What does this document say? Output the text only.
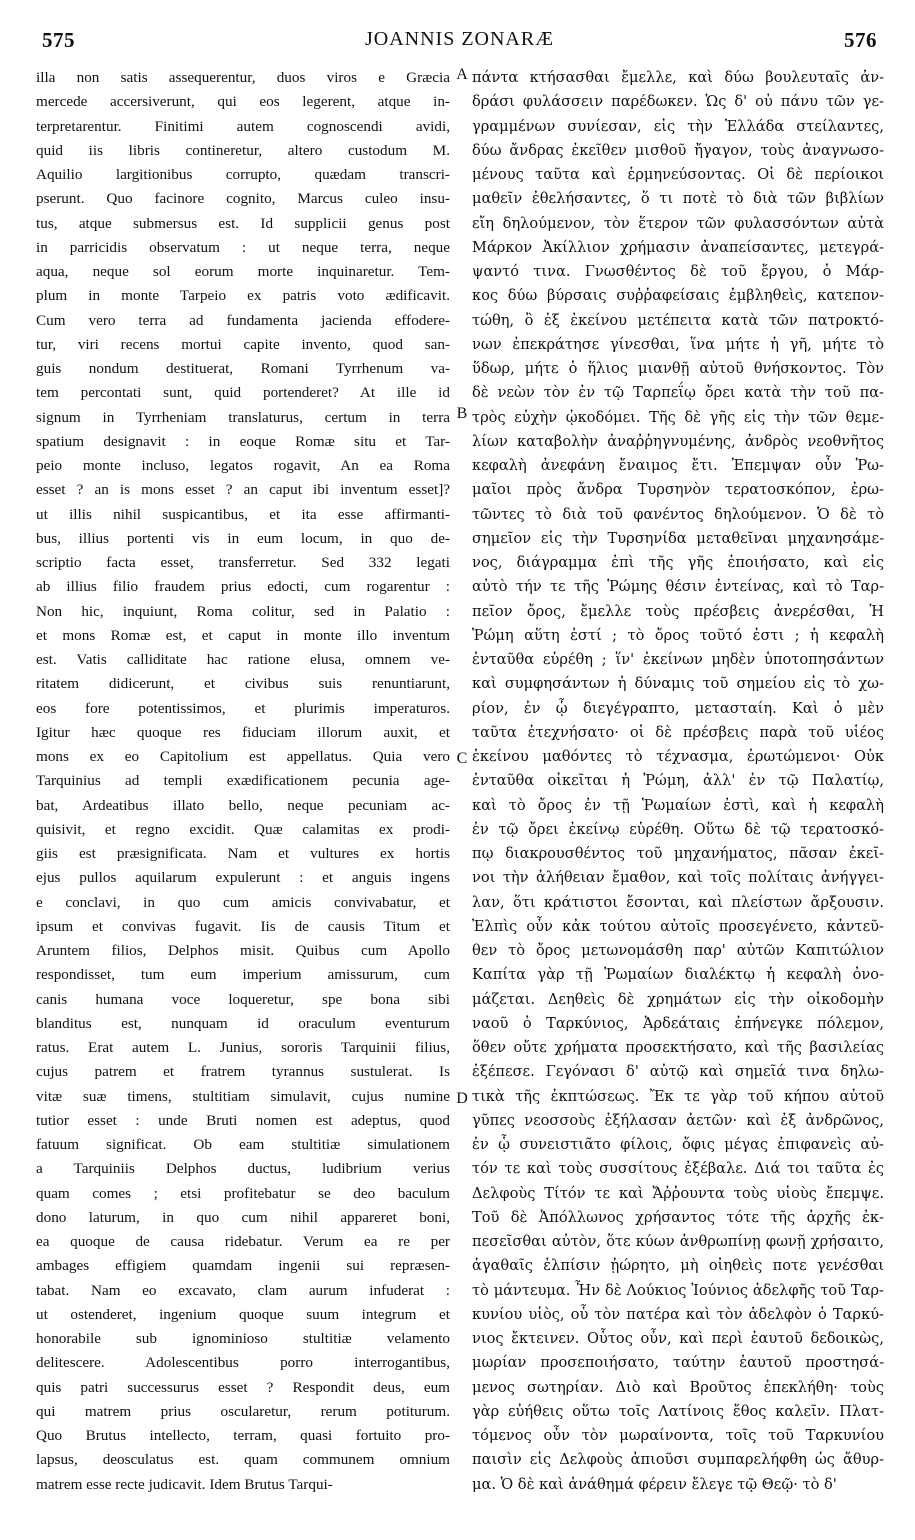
575	JOANNIS ZONARÆ	576
illa non satis assequerentur, duos viros e Græcia
mercede accersiverunt, qui eos legerent, atque in-
terpretarentur. Finitimi autem cognoscendi avidi,
quid iis libris contineretur, altero custodum M.
Aquilio largitionibus corrupto, quædam transcri-
pserunt. Quo facinore cognito, Marcus culeo insu-
tus, atque submersus est. Id supplicii genus post
in parricidis observatum : ut neque terra, neque
aqua, neque sol eorum morte inquinaretur. Tem-
plum in monte Tarpeio ex patris voto ædificavit.
Cum vero terra ad fundamenta jacienda effodere-
tur, viri recens mortui capite invento, quod san-
guis nondum destituerat, Romani Tyrrhenum va-
tem percontati sunt, quid portenderet? At ille id
signum in Tyrrheniam translaturus, certum in terra
spatium designavit : in eoque Romæ situ et Tar-
peio monte incluso, legatos rogavit, An ea Roma
esset ? an is mons esset ? an caput ibi inventum esset]?
ut illis nihil suspicantibus, et ita esse affirmanti-
bus, illius portenti vis in eum locum, in quo de-
scriptio facta esset, transferretur. Sed 332 legati
ab illius filio fraudem prius edocti, cum rogarentur :
Non hic, inquiunt, Roma colitur, sed in Palatio :
et mons Romæ est, et caput in monte illo inventum
est. Vatis calliditate hac ratione elusa, omnem ve-
ritatem didicerunt, et civibus suis renuntiarunt,
eos fore potentissimos, et plurimis imperaturos.
Igitur hæc quoque res fiduciam illorum auxit, et
mons ex eo Capitolium est appellatus. Quia vero
Tarquinius ad templi exædificationem pecunia age-
bat, Ardeatibus illato bello, neque pecuniam ac-
quisivit, et regno excidit. Quæ calamitas ex prodi-
giis est præsignificata. Nam et vultures ex hortis
ejus pullos aquilarum expulerunt : et anguis ingens
e conclavi, in quo cum amicis convivabatur, et
ipsum et convivas fugavit. Iis de causis Titum et
Aruntem filios, Delphos misit. Quibus cum Apollo
respondisset, tum eum imperium amissurum, cum
canis humana voce loqueretur, spe bona sibi
blanditus est, nunquam id oraculum eventurum
ratus. Erat autem L. Junius, sororis Tarquinii filius,
cujus patrem et fratrem tyrannus sustulerat. Is
vitæ suæ timens, stultitiam simulavit, cujus numine
tutior esset : unde Bruti nomen est adeptus, quod
fatuum significat. Ob eam stultitiæ simulationem
a Tarquiniis Delphos ductus, ludibrium verius
quam comes ; etsi profitebatur se deo baculum
dono laturum, in quo cum nihil appareret boni,
ea quoque de causa ridebatur. Verum ea re per
ambages effigiem quamdam ingenii sui repræsen-
tabat. Nam eo excavato, clam aurum infuderat :
ut ostenderet, ingenium quoque suum integrum et
honorabile sub ignominioso stultitiæ velamento
delitescere. Adolescentibus porro interrogantibus,
quis patri successurus esset ? Respondit deus, eum
qui matrem prius oscularetur, rerum potiturum.
Quo Brutus intellecto, terram, quasi fortuito pro-
lapsus, deosculatus est. quam communem omnium
matrem esse recte judicavit. Idem Brutus Tarqui-
πάντα κτήσασθαι ἔμελλε, καὶ δύω βουλευταῖς ἀν-
δράσι φυλάσσειν παρέδωκεν. Ὡς δ' οὐ πάνυ τῶν γε-
γραμμένων συνίεσαν, εἰς τὴν Ἑλλάδα στείλαντες,
δύω ἄνδρας ἐκεῖθεν μισθοῦ ἤγαγον, τοὺς ἀναγνωσο-
μένους ταῦτα καὶ ἑρμηνεύσοντας. Οἱ δὲ περίοικοι
μαθεῖν ἐθελήσαντες, ὅ τι ποτὲ τὸ διὰ τῶν βιβλίων
εἴη δηλούμενον, τὸν ἕτερον τῶν φυλασσόντων αὐτὰ
Μάρκον Ἀκίλλιον χρήμασιν ἀναπείσαντες, μετεγρά-
ψαντό τινα. Γνωσθέντος δὲ τοῦ ἔργου, ὁ Μάρ-
κος δύω βύρσαις συῤῥαφείσαις ἐμβληθεὶς, κατεπον-
τώθη, ὃ ἐξ ἐκείνου μετέπειτα κατὰ τῶν πατροκτό-
νων ἐπεκράτησε γίνεσθαι, ἵνα μήτε ἡ γῆ, μήτε τὸ
ὕδωρ, μήτε ὁ ἥλιος μιανθῇ αὐτοῦ θνήσκοντος. Τὸν
δὲ νεὼν τὸν ἐν τῷ Ταρπεΐῳ ὄρει κατὰ τὴν τοῦ πα-
τρὸς εὐχὴν ᾠκοδόμει. Τῆς δὲ γῆς εἰς τὴν τῶν θεμε-
λίων καταβολὴν ἀναῤῥηγνυμένης, ἀνδρὸς νεοθνῆτος
κεφαλὴ ἀνεφάνη ἔναιμος ἔτι. Ἐπεμψαν οὖν Ῥω-
μαῖοι πρὸς ἄνδρα Τυρσηνὸν τερατοσκόπον, ἐρω-
τῶντες τὸ διὰ τοῦ φανέντος δηλούμενον. Ὁ δὲ τὸ
σημεῖον εἰς τὴν Τυρσηνίδα μεταθεῖναι μηχανησάμε-
νος, διάγραμμα ἐπὶ τῆς γῆς ἐποιήσατο, καὶ εἰς
αὐτὸ τήν τε τῆς Ῥώμης θέσιν ἐντείνας, καὶ τὸ Ταρ-
πεῖον ὄρος, ἔμελλε τοὺς πρέσβεις ἀνερέσθαι, Ἡ
Ῥώμη αὕτη ἐστί ; τὸ ὄρος τοῦτό ἐστι ; ἡ κεφαλὴ
ἐνταῦθα εὑρέθη ; ἵν' ἐκείνων μηδὲν ὑποτοπησάντων
καὶ συμφησάντων ἡ δύναμις τοῦ σημείου εἰς τὸ χω-
ρίον, ἐν ᾧ διεγέγραπτο, μετασταίη. Καὶ ὁ μὲν
ταῦτα ἐτεχνήσατο· οἱ δὲ πρέσβεις παρὰ τοῦ υἱέος
ἐκείνου μαθόντες τὸ τέχνασμα, ἐρωτώμενοι· Οὐκ
ἐνταῦθα οἰκεῖται ἡ Ῥώμη, ἀλλ' ἐν τῷ Παλατίῳ,
καὶ τὸ ὄρος ἐν τῇ Ῥωμαίων ἐστὶ, καὶ ἡ κεφαλὴ
ἐν τῷ ὄρει ἐκείνῳ εὑρέθη. Οὕτω δὲ τῷ τερατοσκό-
πῳ διακρουσθέντος τοῦ μηχανήματος, πᾶσαν ἐκεῖ-
νοι τὴν ἀλήθειαν ἔμαθον, καὶ τοῖς πολίταις ἀνήγγει-
λαν, ὅτι κράτιστοι ἔσονται, καὶ πλείστων ἄρξουσιν.
Ἐλπὶς οὖν κἀκ τούτου αὐτοῖς προσεγένετο, κἀντεῦ-
θεν τὸ ὄρος μετωνομάσθη παρ' αὐτῶν Καπιτώλιον
Καπίτα γὰρ τῇ Ῥωμαίων διαλέκτῳ ἡ κεφαλὴ ὀνο-
μάζεται. Δεηθεὶς δὲ χρημάτων εἰς τὴν οἰκοδομὴν
ναοῦ ὁ Ταρκύνιος, Ἀρδεάταις ἐπήνεγκε πόλεμον,
ὅθεν οὔτε χρήματα προσεκτήσατο, καὶ τῆς βασιλείας
ἐξέπεσε. Γεγόνασι δ' αὐτῷ καὶ σημεῖά τινα δηλω-
τικὰ τῆς ἐκπτώσεως. Ἔκ τε γὰρ τοῦ κήπου αὐτοῦ
γῦπες νεοσσοὺς ἐξήλασαν ἀετῶν· καὶ ἐξ ἀνδρῶνος,
ἐν ᾧ συνειστιᾶτο φίλοις, ὄφις μέγας ἐπιφανεὶς αὐ-
τόν τε καὶ τοὺς συσσίτους ἐξέβαλε. Διά τοι ταῦτα ἐς
Δελφοὺς Τίτόν τε καὶ Ἄῤῥουντα τοὺς υἱοὺς ἔπεμψε.
Τοῦ δὲ Ἀπόλλωνος χρήσαντος τότε τῆς ἀρχῆς ἐκ-
πεσεῖσθαι αὐτὸν, ὅτε κύων ἀνθρωπίνῃ φωνῇ χρήσαιτο,
ἀγαθαῖς ἐλπίσιν ᾑώρητο, μὴ οἰηθεὶς ποτε γενέσθαι
τὸ μάντευμα. Ἦν δὲ Λούκιος Ἰούνιος ἀδελφῆς τοῦ Ταρ-
κυνίου υἱὸς, οὗ τὸν πατέρα καὶ τὸν ἀδελφὸν ὁ Ταρκύ-
νιος ἔκτεινεν. Οὗτος οὖν, καὶ περὶ ἑαυτοῦ δεδοικὼς,
μωρίαν προσεποιήσατο, ταύτην ἑαυτοῦ προστησά-
μενος σωτηρίαν. Διὸ καὶ Βροῦτος ἐπεκλήθη· τοὺς
γὰρ εὐήθεις οὕτω τοῖς Λατίνοις ἔθος καλεῖν. Πλατ-
τόμενος οὖν τὸν μωραίνοντα, τοῖς τοῦ Ταρκυνίου
παισὶν εἰς Δελφοὺς ἀπιοῦσι συμπαρελήφθη ὡς ἄθυρ-
μα. Ὁ δὲ καὶ ἀνάθημά φέρειν ἔλεγε τῷ Θεῷ· τὸ δ'
A
B
C
D
